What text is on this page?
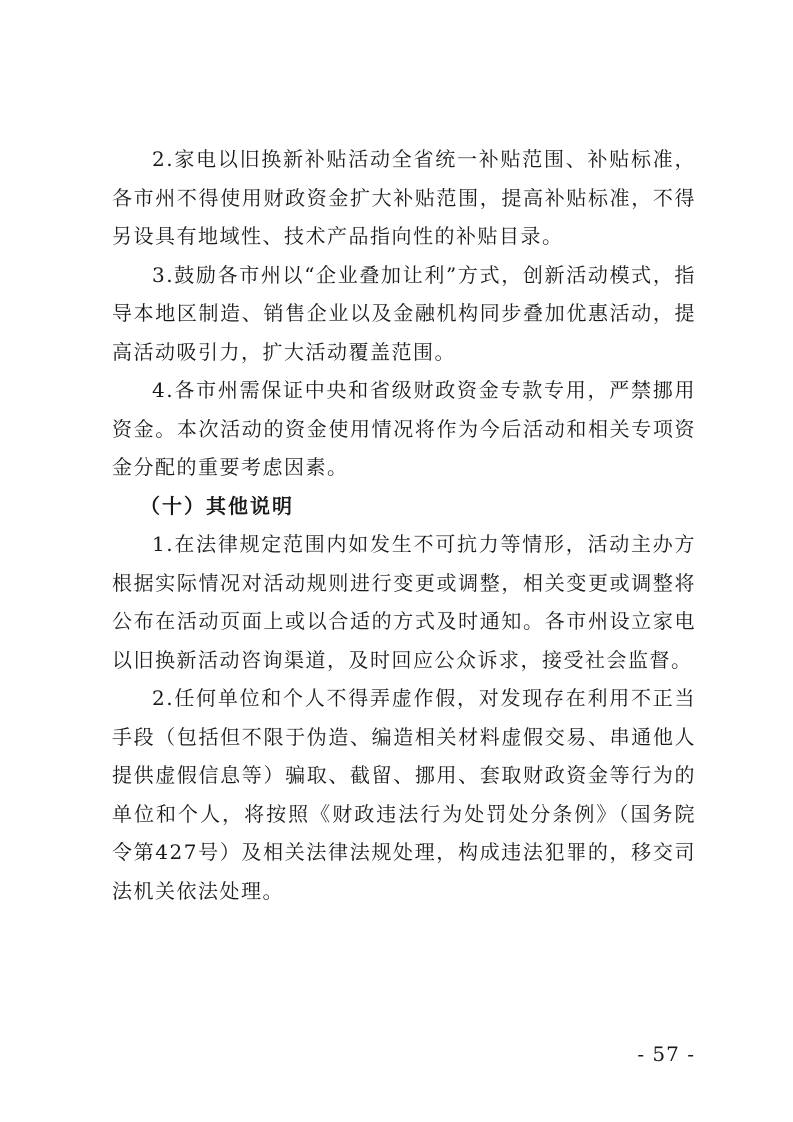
2.家电以旧换新补贴活动全省统一补贴范围、补贴标准，各市州不得使用财政资金扩大补贴范围，提高补贴标准，不得另设具有地域性、技术产品指向性的补贴目录。

3.鼓励各市州以“企业叠加让利”方式，创新活动模式，指导本地区制造、销售企业以及金融机构同步叠加优惠活动，提高活动吸引力，扩大活动覆盖范围。

4.各市州需保证中央和省级财政资金专款专用，严禁挪用资金。本次活动的资金使用情况将作为今后活动和相关专项资金分配的重要考虑因素。

（十）其他说明

1.在法律规定范围内如发生不可抗力等情形，活动主办方根据实际情况对活动规则进行变更或调整，相关变更或调整将公布在活动页面上或以合适的方式及时通知。各市州设立家电以旧换新活动咨询渠道，及时回应公众诉求，接受社会监督。

2.任何单位和个人不得弄虚作假，对发现存在利用不正当手段（包括但不限于伪造、编造相关材料虚假交易、串通他人提供虚假信息等）骗取、截留、挪用、套取财政资金等行为的单位和个人，将按照《财政违法行为处罚处分条例》（国务院令第427号）及相关法律法规处理，构成违法犯罪的，移交司法机关依法处理。

- 57 -
